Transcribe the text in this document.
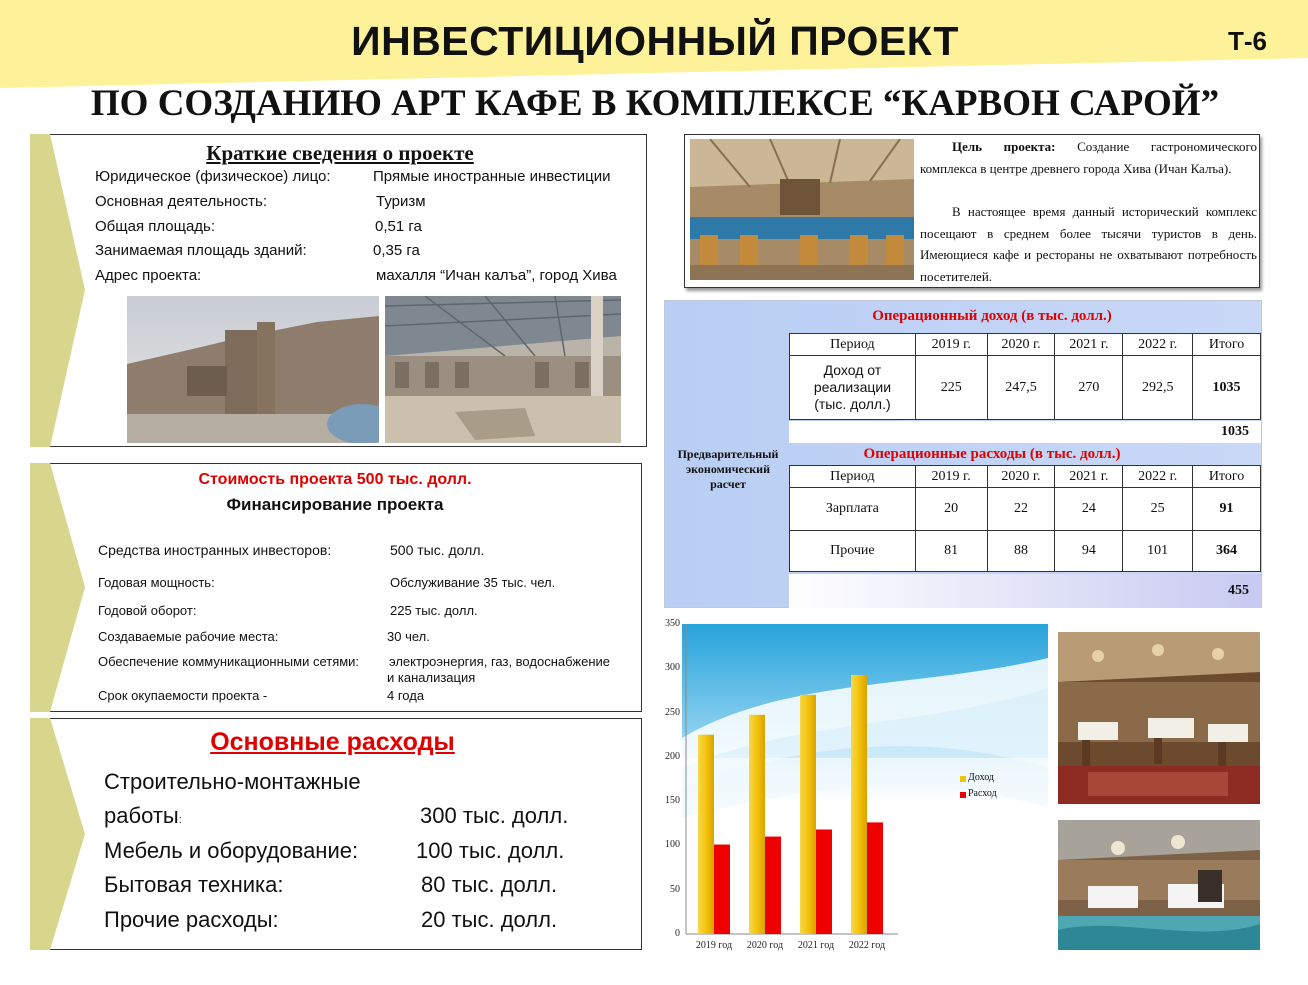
ИНВЕСТИЦИОННЫЙ ПРОЕКТ	Т-6
ПО СОЗДАНИЮ АРТ КАФЕ В КОМПЛЕКСЕ “КАРВОН САРОЙ”
Краткие сведения о проекте
Юридическое (физическое) лицо:	Прямые иностранные инвестиции
Основная деятельность:	Туризм
Общая площадь:	0,51 га
Занимаемая площадь зданий:	0,35 га
Адрес проекта:	махалля “Ичан калъа”, город Хива
Стоимость проекта 500 тыс. долл.
Финансирование проекта
Средства иностранных инвесторов:	500 тыс. долл.
Годовая мощность:	Обслуживание 35 тыс. чел.
Годовой оборот:	225 тыс. долл.
Создаваемые рабочие места:	30 чел.
Обеспечение коммуникационными сетями: электроэнергия, газ, водоснабжение
и канализация
Срок окупаемости проекта -	4 года
Основные расходы
Строительно-монтажные
работы:	300 тыс. долл.
Мебель и оборудование:	100 тыс. долл.
Бытовая техника:	80 тыс. долл.
Прочие расходы:	20 тыс. долл.
Цель проекта: Создание гастрономического комплекса в центре древнего города Хива (Ичан Калъа).
В настоящее время данный исторический комплекс посещают в среднем более тысячи туристов в день. Имеющиеся кафе и рестораны не охватывают потребность посетителей.
Предварительный экономический расчет
Операционный доход (в тыс. долл.)
Период	2019 г.	2020 г.	2021 г.	2022 г.	Итого
Доход от реализации (тыс. долл.)	225	247,5	270	292,5	1035
1035
Операционные расходы (в тыс. долл.)
Период	2019 г.	2020 г.	2021 г.	2022 г.	Итого
Зарплата	20	22	24	25	91
Прочие	81	88	94	101	364
455
0
50
100
150
200
250
300
350
2019 год	2020 год	2021 год	2022 год
Доход
Расход
